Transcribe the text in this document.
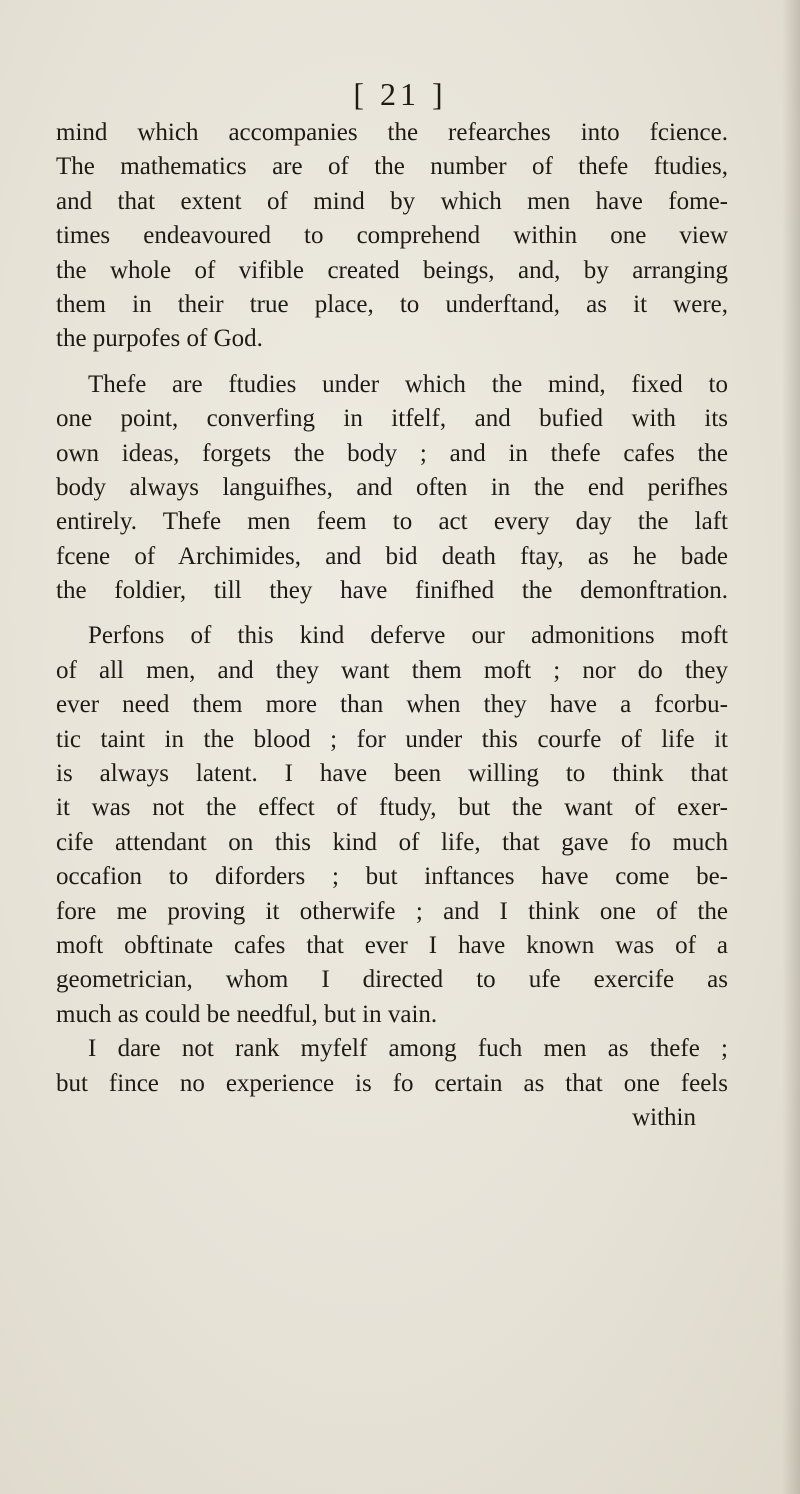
[ 21 ]
mind which accompanies the refearches into fcience.
The mathematics are of the number of thefe ftudies,
and that extent of mind by which men have fome-
times endeavoured to comprehend within one view
the whole of vifible created beings, and, by arranging
them in their true place, to underftand, as it were,
the purpofes of God.
Thefe are ftudies under which the mind, fixed to
one point, converfing in itfelf, and bufied with its
own ideas, forgets the body ; and in thefe cafes the
body always languifhes, and often in the end perifhes
entirely. Thefe men feem to act every day the laft
fcene of Archimides, and bid death ftay, as he bade
the foldier, till they have finifhed the demonftration.
Perfons of this kind deferve our admonitions moft
of all men, and they want them moft ; nor do they
ever need them more than when they have a fcorbu-
tic taint in the blood ; for under this courfe of life it
is always latent. I have been willing to think that
it was not the effect of ftudy, but the want of exer-
cife attendant on this kind of life, that gave fo much
occafion to diforders ; but inftances have come be-
fore me proving it otherwife ; and I think one of the
moft obftinate cafes that ever I have known was of a
geometrician, whom I directed to ufe exercife as
much as could be needful, but in vain.
I dare not rank myfelf among fuch men as thefe ;
but fince no experience is fo certain as that one feels
within
